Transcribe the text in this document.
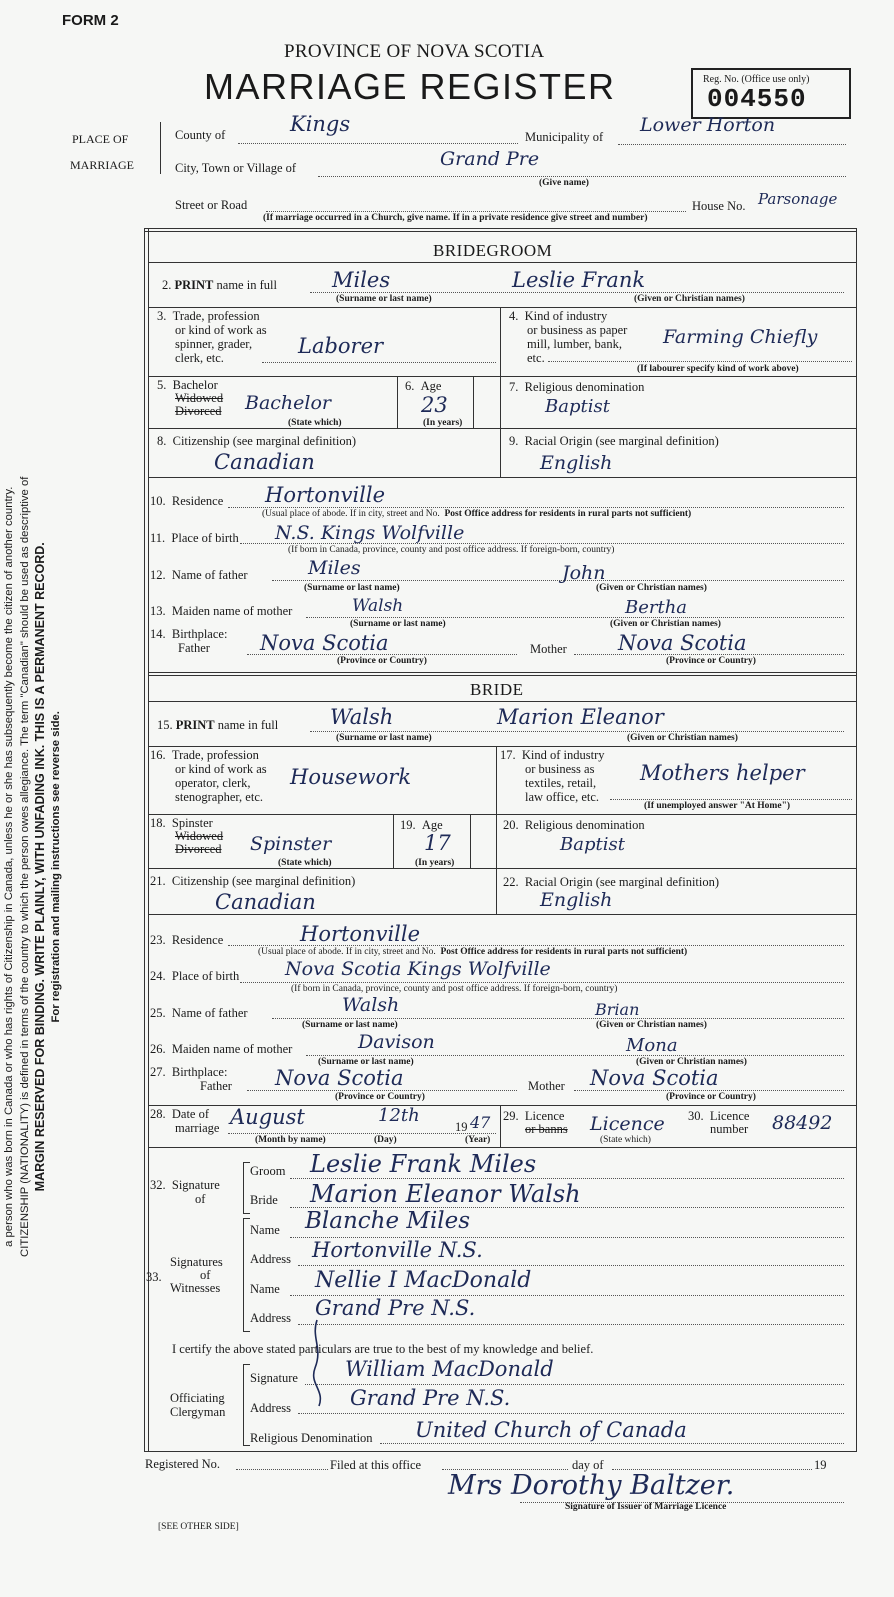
a person who was born in Canada or who has rights of Citizenship in Canada, unless he or she has subsequently become the citizen of another country. CITIZENSHIP (NATIONALITY) is defined in terms of the country to which the person owes allegiance. The term "Canadian" should be used as descriptive of MARGIN RESERVED FOR BINDING. WRITE PLAINLY, WITH UNFADING INK. THIS IS A PERMANENT RECORD. For registration and mailing instructions see reverse side.
FORM 2
PROVINCE OF NOVA SCOTIA
MARRIAGE REGISTER	Reg. No. (Office use only)
004550
PLACE OF
MARRIAGE
County of	Kings
Municipality of
Lower Horton
City, Town or Village of	Grand Pre
(Give name)
Street or Road	House No. Parsonage
(If marriage occurred in a Church, give name. If in a private residence give street and number)
BRIDEGROOM
2. PRINT name in full	Miles	Leslie Frank
(Surname or last name)	(Given or Christian names)
3. Trade, profession
or kind of work as
spinner, grader,
clerk, etc.	Laborer
4. Kind of industry
or business as paper
mill, lumber, bank,
etc.
Farming Chiefly
(If labourer specify kind of work above)
5. Bachelor
Widowed
Divorced Bachelor
(State which)
6. Age
23
(In years)
7. Religious denomination
Baptist
8. Citizenship (see marginal definition)
Canadian
9. Racial Origin (see marginal definition)
English
10. Residence Hortonville
(Usual place of abode. If in city, street and No. Post Office address for residents in rural parts not sufficient)
11. Place of birth N.S. Kings Wolfville
(If born in Canada, province, county and post office address. If foreign-born, country)
12. Name of father	Miles	John
(Surname or last name)	(Given or Christian names)
13. Maiden name of mother	Walsh	Bertha
(Surname or last name)	(Given or Christian names)
14. Birthplace:
Father	Nova Scotia
(Province or Country)
Mother Nova Scotia
(Province or Country)
BRIDE
15. PRINT name in full Walsh	Marion Eleanor
(Surname or last name)	(Given or Christian names)
16. Trade, profession
or kind of work as
operator, clerk,
stenographer, etc.
Housework
17. Kind of industry
or business as
textiles, retail,
law office, etc.
Mothers helper
(If unemployed answer "At Home")
18. Spinster
Widowed
Divorced Spinster
(State which)
19. Age
17
(In years)
20. Religious denomination
Baptist
21. Citizenship (see marginal definition)
Canadian
22. Racial Origin (see marginal definition)
English
23. Residence	Hortonville
(Usual place of abode. If in city, street and No. Post Office address for residents in rural parts not sufficient)
24. Place of birth Nova Scotia Kings Wolfville
(If born in Canada, province, county and post office address. If foreign-born, country)
25. Name of father	Walsh	Brian
(Surname or last name)	(Given or Christian names)
26. Maiden name of mother	Davison	Mona
(Surname or last name)	(Given or Christian names)
27. Birthplace:
Father Nova Scotia
(Province or Country)
Mother Nova Scotia
(Province or Country)
28. Date of
marriage August	12th
19 47
(Month by name)	(Day)	(Year)
29. Licence
or banns Licence
(State which)
30. Licence
number 88492
32. Signature
of
Groom Leslie Frank Miles
Bride Marion Eleanor Walsh
Signatures
of
Witnesses
33.
Name Blanche Miles
Address Hortonville N.S.
Name Nellie I MacDonald
Address Grand Pre N.S.
I certify the above stated particulars are true to the best of my knowledge and belief.
Officiating
Clergyman
Signature William MacDonald
Address	Grand Pre N.S.
Religious Denomination United Church of Canada
Registered No.	Filed at this office	day of	19
Mrs Dorothy Baltzer.
Signature of Issuer of Marriage Licence
[SEE OTHER SIDE]
